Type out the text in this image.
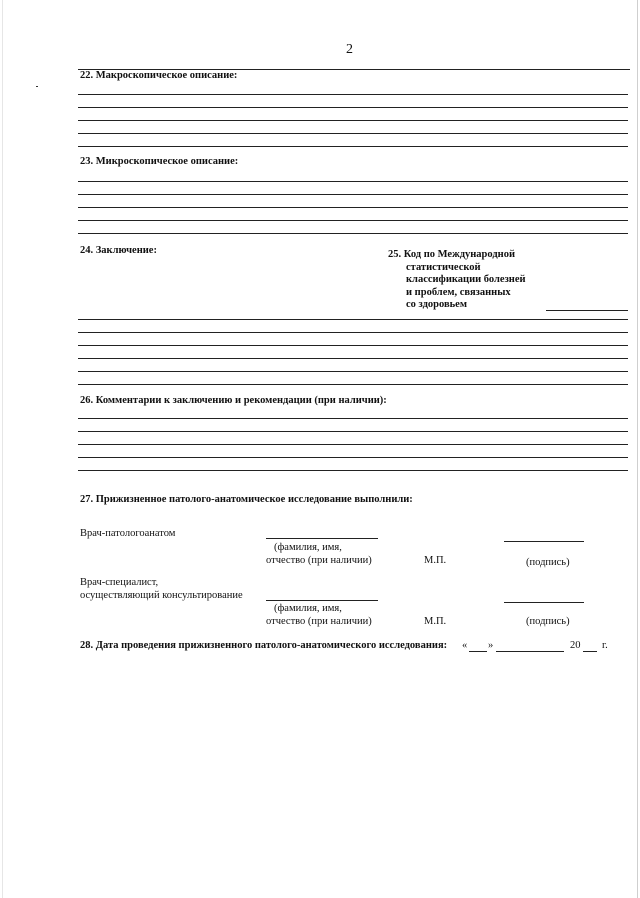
2
22. Макроскопическое описание:
23. Микроскопическое описание:
24. Заключение:	25. Код по Международной
статистической
классификации болезней
и проблем, связанных
со здоровьем
26. Комментарии к заключению и рекомендации (при наличии):
27. Прижизненное патолого-анатомическое исследование выполнили:
Врач-патологоанатом
(фамилия, имя,
отчество (при наличии)	М.П.	(подпись)
Врач-специалист,
осуществляющий консультирование
(фамилия, имя,
отчество (при наличии)	М.П.	(подпись)
28. Дата проведения прижизненного патолого-анатомического исследования: « »	20 г.
